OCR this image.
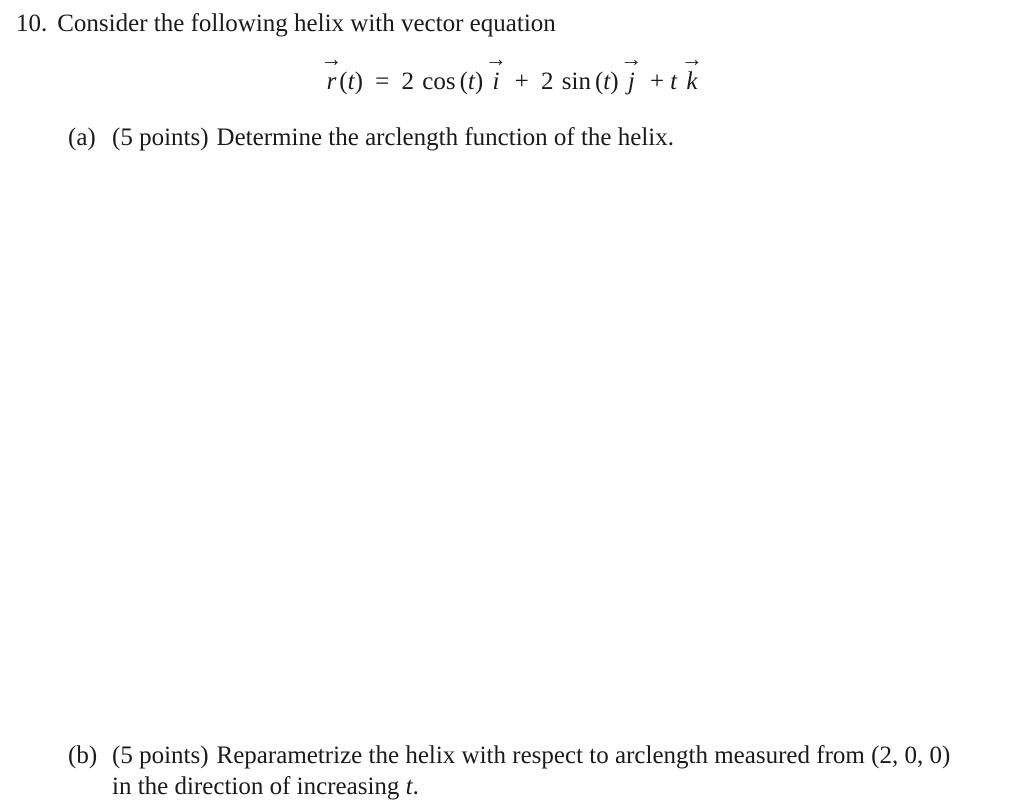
10. Consider the following helix with vector equation
→
r (t) = 2 cos (t)
→
i + 2 sin (t)
→
j + t
→
k
(a) (5 points) Determine the arclength function of the helix.
(b) (5 points) Reparametrize the helix with respect to arclength measured from (2, 0, 0)
in the direction of increasing t.
